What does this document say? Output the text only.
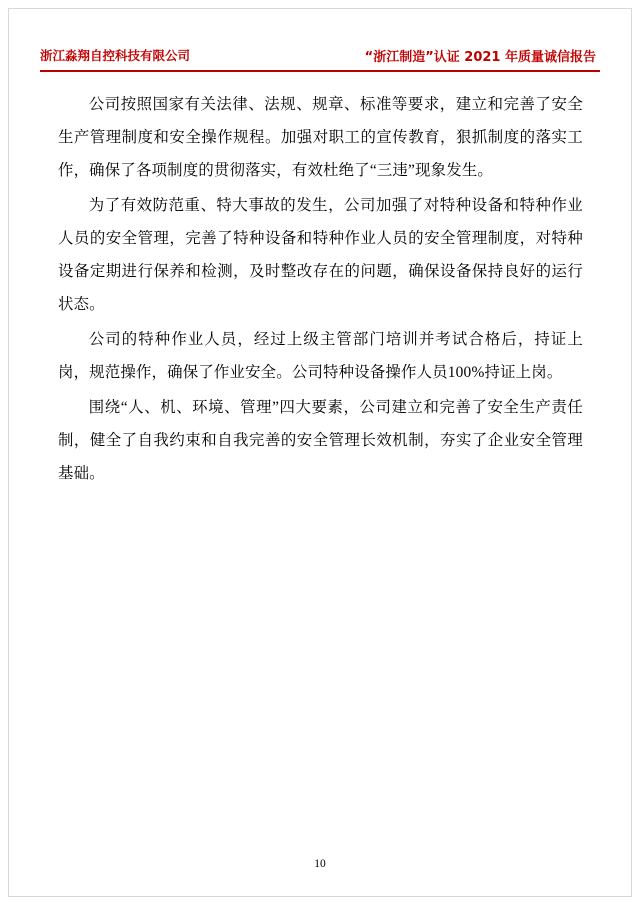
浙江淼翔自控科技有限公司	“浙江制造”认证 2021 年质量诚信报告

公司按照国家有关法律、法规、规章、标准等要求，建立和完善了安全生产管理制度和安全操作规程。加强对职工的宣传教育，狠抓制度的落实工作，确保了各项制度的贯彻落实，有效杜绝了“三违”现象发生。

为了有效防范重、特大事故的发生，公司加强了对特种设备和特种作业人员的安全管理，完善了特种设备和特种作业人员的安全管理制度，对特种设备定期进行保养和检测，及时整改存在的问题，确保设备保持良好的运行状态。

公司的特种作业人员，经过上级主管部门培训并考试合格后，持证上岗，规范操作，确保了作业安全。公司特种设备操作人员100%持证上岗。

围绕“人、机、环境、管理”四大要素，公司建立和完善了安全生产责任制，健全了自我约束和自我完善的安全管理长效机制，夯实了企业安全管理基础。

10
